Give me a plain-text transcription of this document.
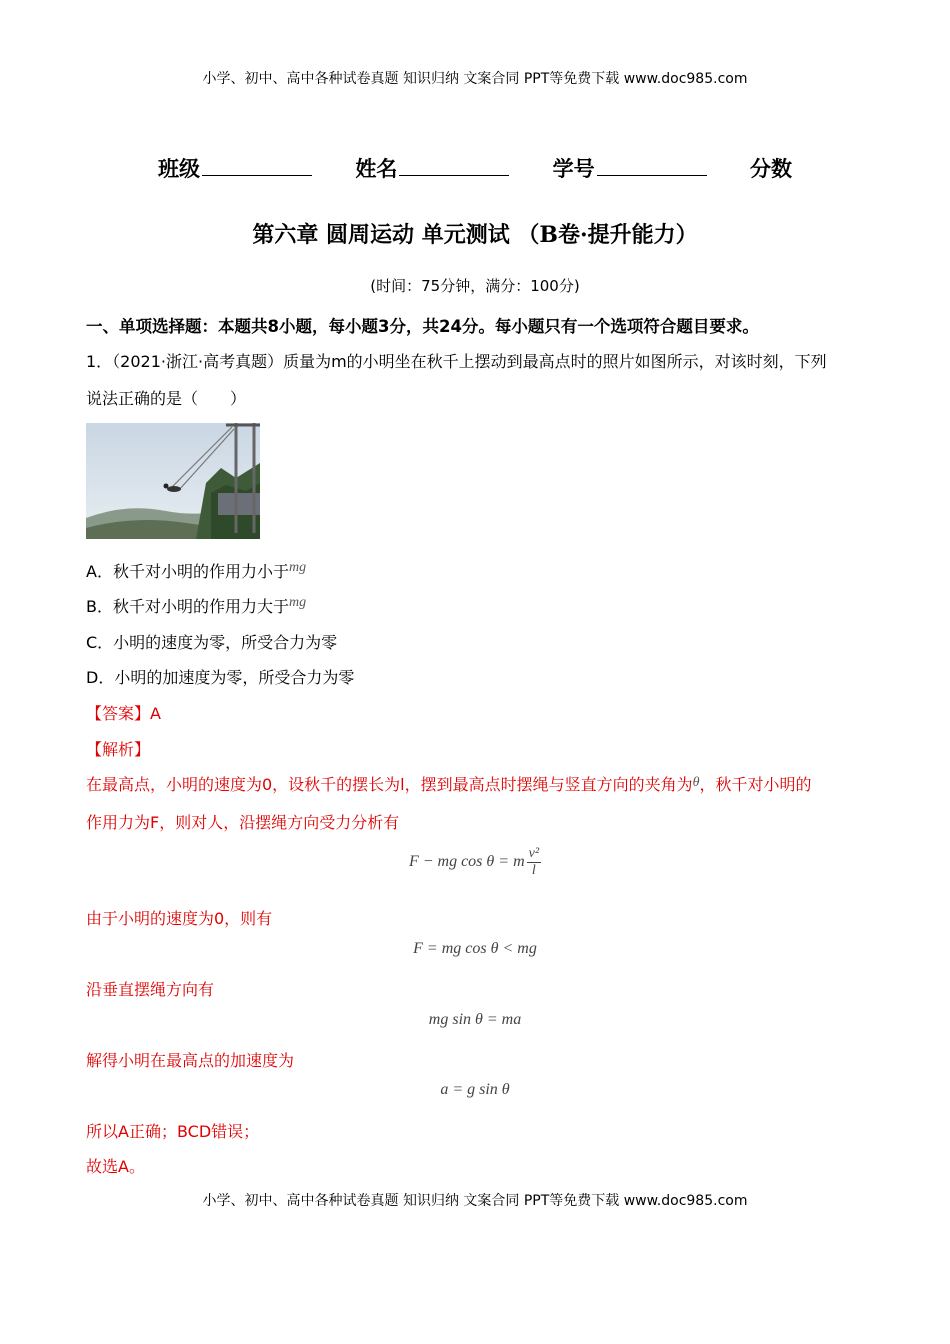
小学、初中、高中各种试卷真题 知识归纳 文案合同 PPT等免费下载 www.doc985.com
班级	姓名	学号	分数
第六章 圆周运动 单元测试 （B卷·提升能力）
(时间：75分钟，满分：100分)
一、单项选择题：本题共8小题，每小题3分，共24分。每小题只有一个选项符合题目要求。
1．（2021·浙江·高考真题）质量为m的小明坐在秋千上摆动到最高点时的照片如图所示，对该时刻，下列
说法正确的是（　　）
A．秋千对小明的作用力小于mg
B．秋千对小明的作用力大于mg
C．小明的速度为零，所受合力为零
D．小明的加速度为零，所受合力为零
【答案】A
【解析】
在最高点，小明的速度为0，设秋千的摆长为l，摆到最高点时摆绳与竖直方向的夹角为θ，秋千对小明的
作用力为F，则对人，沿摆绳方向受力分析有
F − mg cos θ = m $\frac{\text{v²}}{l}$
由于小明的速度为0，则有
F = mg cos θ < mg
沿垂直摆绳方向有
mg sin θ = ma
解得小明在最高点的加速度为
a = g sin θ
所以A正确；BCD错误；
故选A。
小学、初中、高中各种试卷真题 知识归纳 文案合同 PPT等免费下载 www.doc985.com
